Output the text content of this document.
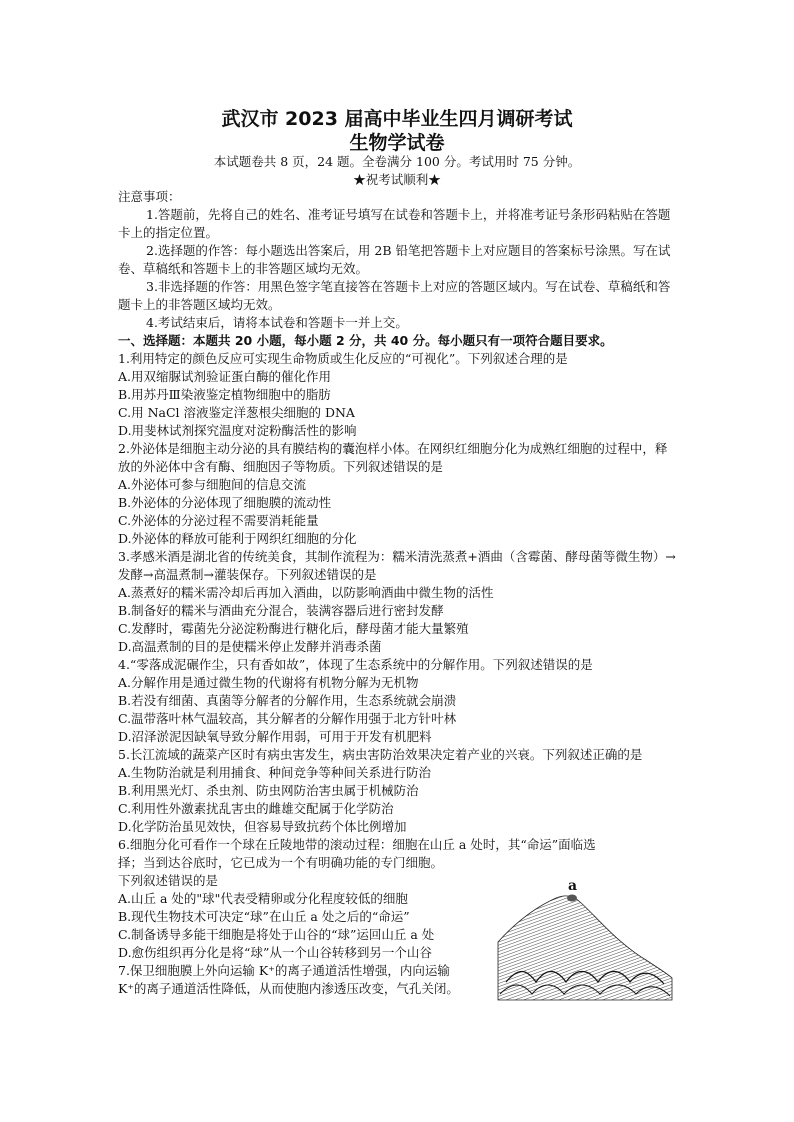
武汉市 2023 届高中毕业生四月调研考试
生物学试卷
本试题卷共 8 页，24 题。全卷满分 100 分。考试用时 75 分钟。
★祝考试顺利★

注意事项：

1.答题前，先将自己的姓名、准考证号填写在试卷和答题卡上，并将准考证号条形码粘贴在答题卡上的指定位置。

2.选择题的作答：每小题选出答案后，用 2B 铅笔把答题卡上对应题目的答案标号涂黑。写在试卷、草稿纸和答题卡上的非答题区域均无效。

3.非选择题的作答：用黑色签字笔直接答在答题卡上对应的答题区域内。写在试卷、草稿纸和答题卡上的非答题区域均无效。

4.考试结束后，请将本试卷和答题卡一并上交。

一、选择题：本题共 20 小题，每小题 2 分，共 40 分。每小题只有一项符合题目要求。

1.利用特定的颜色反应可实现生命物质或生化反应的“可视化”。下列叙述合理的是

A.用双缩脲试剂验证蛋白酶的催化作用

B.用苏丹Ⅲ染液鉴定植物细胞中的脂肪

C.用 NaCl 溶液鉴定洋葱根尖细胞的 DNA

D.用斐林试剂探究温度对淀粉酶活性的影响

2.外泌体是细胞主动分泌的具有膜结构的囊泡样小体。在网织红细胞分化为成熟红细胞的过程中，释放的外泌体中含有酶、细胞因子等物质。下列叙述错误的是

A.外泌体可参与细胞间的信息交流

B.外泌体的分泌体现了细胞膜的流动性

C.外泌体的分泌过程不需要消耗能量

D.外泌体的释放可能利于网织红细胞的分化

3.孝感米酒是湖北省的传统美食，其制作流程为：糯米清洗蒸煮+酒曲（含霉菌、酵母菌等微生物）→发酵→高温煮制→灌装保存。下列叙述错误的是

A.蒸煮好的糯米需冷却后再加入酒曲，以防影响酒曲中微生物的活性

B.制备好的糯米与酒曲充分混合，装满容器后进行密封发酵

C.发酵时，霉菌先分泌淀粉酶进行糖化后，酵母菌才能大量繁殖

D.高温煮制的目的是使糯米停止发酵并消毒杀菌

4.“零落成泥碾作尘，只有香如故”，体现了生态系统中的分解作用。下列叙述错误的是

A.分解作用是通过微生物的代谢将有机物分解为无机物

B.若没有细菌、真菌等分解者的分解作用，生态系统就会崩溃

C.温带落叶林气温较高，其分解者的分解作用强于北方针叶林

D.沼泽淤泥因缺氧导致分解作用弱，可用于开发有机肥料

5.长江流域的蔬菜产区时有病虫害发生，病虫害防治效果决定着产业的兴衰。下列叙述正确的是

A.生物防治就是利用捕食、种间竞争等种间关系进行防治

B.利用黑光灯、杀虫剂、防虫网防治害虫属于机械防治

C.利用性外激素扰乱害虫的雌雄交配属于化学防治

D.化学防治虽见效快，但容易导致抗药个体比例增加

6.细胞分化可看作一个球在丘陵地带的滚动过程：细胞在山丘 a 处时，其“命运”面临选

择；当到达谷底时，它已成为一个有明确功能的专门细胞。

下列叙述错误的是

A.山丘 a 处的"球"代表受精卵或分化程度较低的细胞

B.现代生物技术可决定“球”在山丘 a 处之后的“命运”

C.制备诱导多能干细胞是将处于山谷的“球”运回山丘 a 处

D.愈伤组织再分化是将“球”从一个山谷转移到另一个山谷

7.保卫细胞膜上外向运输 K⁺的离子通道活性增强，内向运输

K⁺的离子通道活性降低，从而使胞内渗透压改变，气孔关闭。

a
